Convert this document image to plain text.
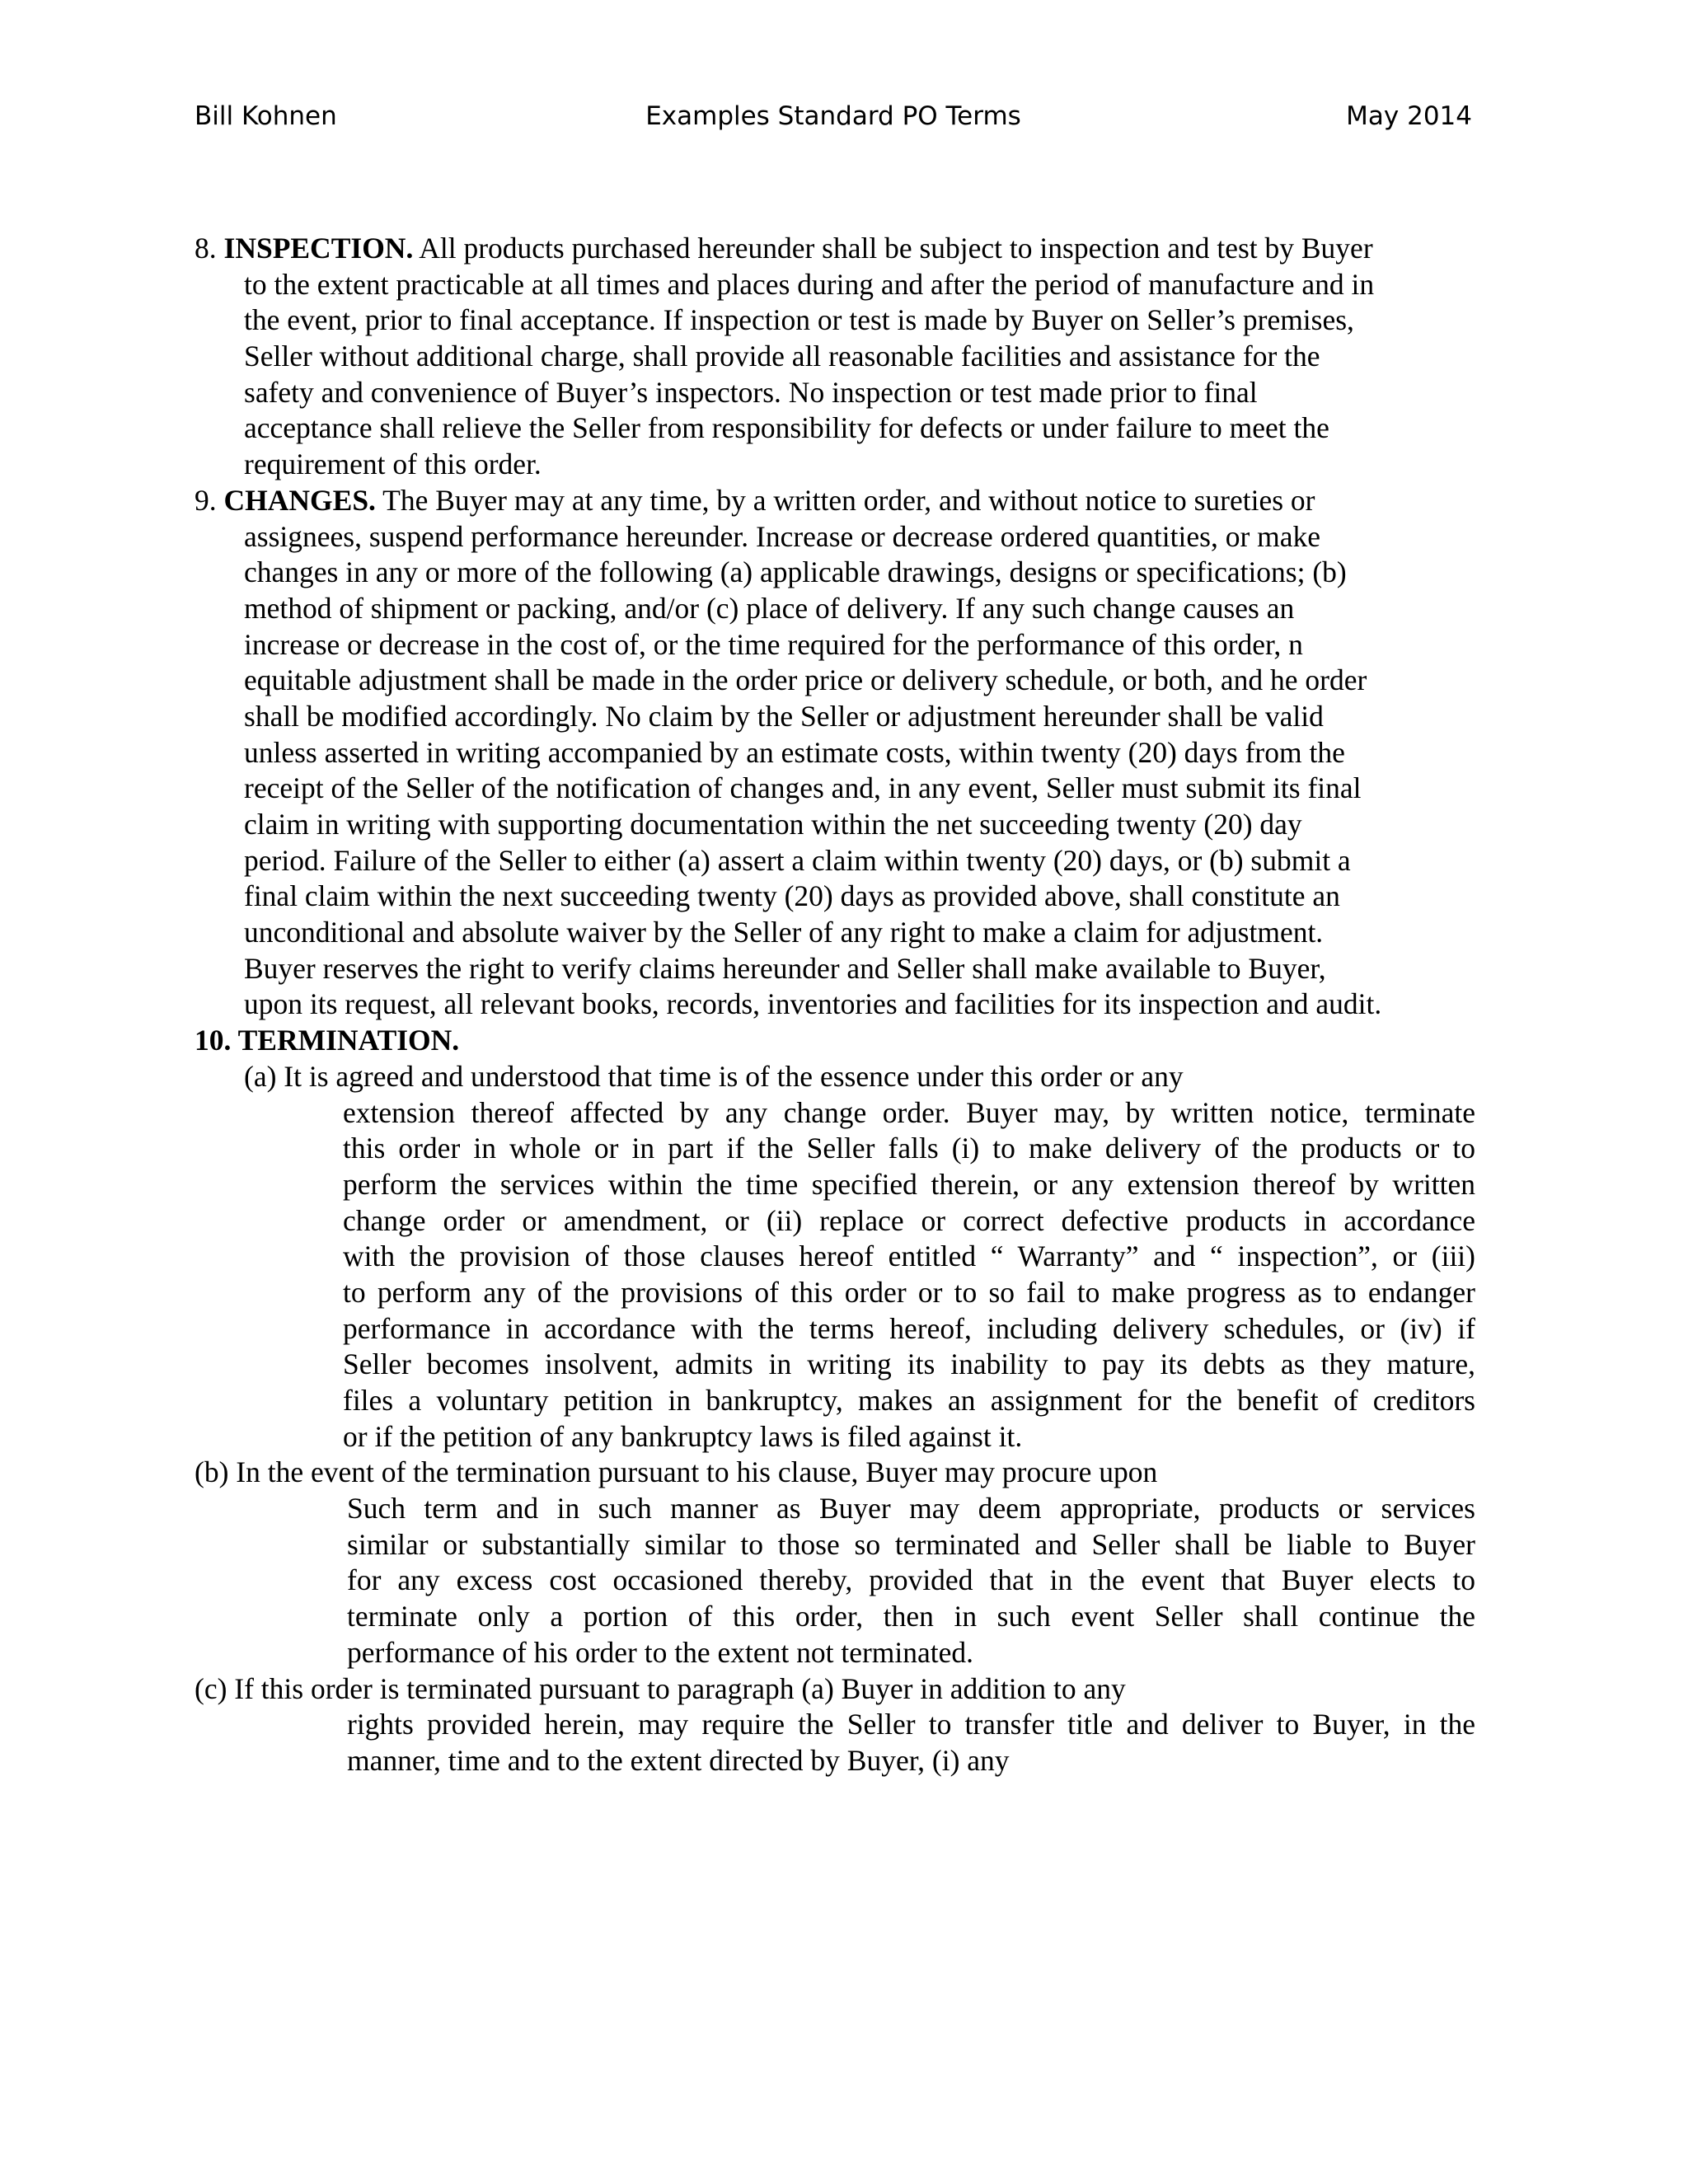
Bill Kohnen	Examples Standard PO Terms	May 2014
8. INSPECTION. All products purchased hereunder shall be subject to inspection and test by Buyer
to the extent practicable at all times and places during and after the period of manufacture and in
the event, prior to final acceptance. If inspection or test is made by Buyer on Seller’s premises,
Seller without additional charge, shall provide all reasonable facilities and assistance for the
safety and convenience of Buyer’s inspectors. No inspection or test made prior to final
acceptance shall relieve the Seller from responsibility for defects or under failure to meet the
requirement of this order.
9. CHANGES. The Buyer may at any time, by a written order, and without notice to sureties or
assignees, suspend performance hereunder. Increase or decrease ordered quantities, or make
changes in any or more of the following (a) applicable drawings, designs or specifications; (b)
method of shipment or packing, and/or (c) place of delivery. If any such change causes an
increase or decrease in the cost of, or the time required for the performance of this order, n
equitable adjustment shall be made in the order price or delivery schedule, or both, and he order
shall be modified accordingly. No claim by the Seller or adjustment hereunder shall be valid
unless asserted in writing accompanied by an estimate costs, within twenty (20) days from the
receipt of the Seller of the notification of changes and, in any event, Seller must submit its final
claim in writing with supporting documentation within the net succeeding twenty (20) day
period. Failure of the Seller to either (a) assert a claim within twenty (20) days, or (b) submit a
final claim within the next succeeding twenty (20) days as provided above, shall constitute an
unconditional and absolute waiver by the Seller of any right to make a claim for adjustment.
Buyer reserves the right to verify claims hereunder and Seller shall make available to Buyer,
upon its request, all relevant books, records, inventories and facilities for its inspection and audit.
10. TERMINATION.
(a) It is agreed and understood that time is of the essence under this order or any
extension thereof affected by any change order. Buyer may, by written notice, terminate
this order in whole or in part if the Seller falls (i) to make delivery of the products or to
perform the services within the time specified therein, or any extension thereof by written
change order or amendment, or (ii) replace or correct defective products in accordance
with the provision of those clauses hereof entitled “ Warranty” and “ inspection”, or (iii)
to perform any of the provisions of this order or to so fail to make progress as to endanger
performance in accordance with the terms hereof, including delivery schedules, or (iv) if
Seller becomes insolvent, admits in writing its inability to pay its debts as they mature,
files a voluntary petition in bankruptcy, makes an assignment for the benefit of creditors
or if the petition of any bankruptcy laws is filed against it.
(b) In the event of the termination pursuant to his clause, Buyer may procure upon
Such term and in such manner as Buyer may deem appropriate, products or services
similar or substantially similar to those so terminated and Seller shall be liable to Buyer
for any excess cost occasioned thereby, provided that in the event that Buyer elects to
terminate only a portion of this order, then in such event Seller shall continue the
performance of his order to the extent not terminated.
(c) If this order is terminated pursuant to paragraph (a) Buyer in addition to any
rights provided herein, may require the Seller to transfer title and deliver to Buyer, in the
manner, time and to the extent directed by Buyer, (i) any
